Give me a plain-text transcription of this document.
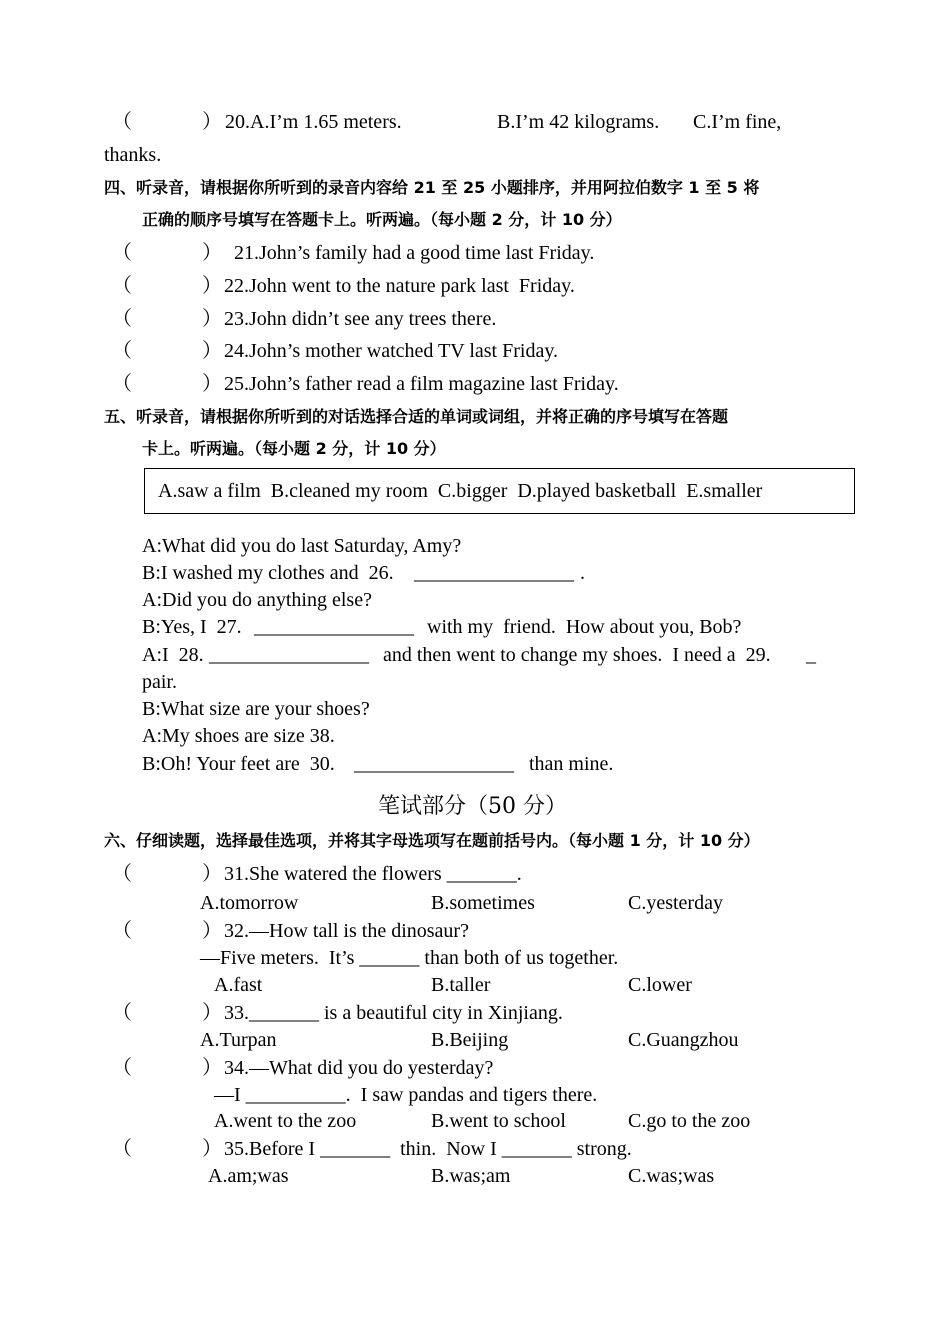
（	） 20.A.I’m 1.65 meters.	B.I’m 42 kilograms. C.I’m fine,
thanks.
四、听录音，请根据你所听到的录音内容给 21 至 25 小题排序，并用阿拉伯数字 1 至 5 将
正确的顺序号填写在答题卡上。听两遍。（每小题 2 分，计 10 分）
（	） 21.John’s family had a good time last Friday.
（	） 22.John went to the nature park last  Friday.
（	） 23.John didn’t see any trees there.
（	） 24.John’s mother watched TV last Friday.
（	） 25.John’s father read a film magazine last Friday.
五、听录音，请根据你所听到的对话选择合适的单词或词组，并将正确的序号填写在答题
卡上。听两遍。（每小题 2 分，计 10 分）
A.saw a film  B.cleaned my room  C.bigger  D.played basketball  E.smaller
A:What did you do last Saturday, Amy?
B:I washed my clothes and  26. ________________ .
A:Did you do anything else?
B:Yes, I  27. ________________ with my  friend.  How about you, Bob?
A:I  28. ________________ and then went to change my shoes.  I need a  29. _
pair.
B:What size are your shoes?
A:My shoes are size 38.
B:Oh! Your feet are  30. ________________ than mine.
笔试部分（50 分）
六、仔细读题，选择最佳选项，并将其字母选项写在题前括号内。（每小题 1 分，计 10 分）
（	） 31.She watered the flowers _______.
A.tomorrow	B.sometimes	C.yesterday
（	） 32.—How tall is the dinosaur?
—Five meters.  It’s ______ than both of us together.
A.fast	B.taller	C.lower
（	） 33._______ is a beautiful city in Xinjiang.
A.Turpan	B.Beijing	C.Guangzhou
（	） 34.—What did you do yesterday?
—I __________.  I saw pandas and tigers there.
A.went to the zoo	B.went to school	C.go to the zoo
（	） 35.Before I _______  thin.  Now I _______ strong.
A.am;was	B.was;am	C.was;was
